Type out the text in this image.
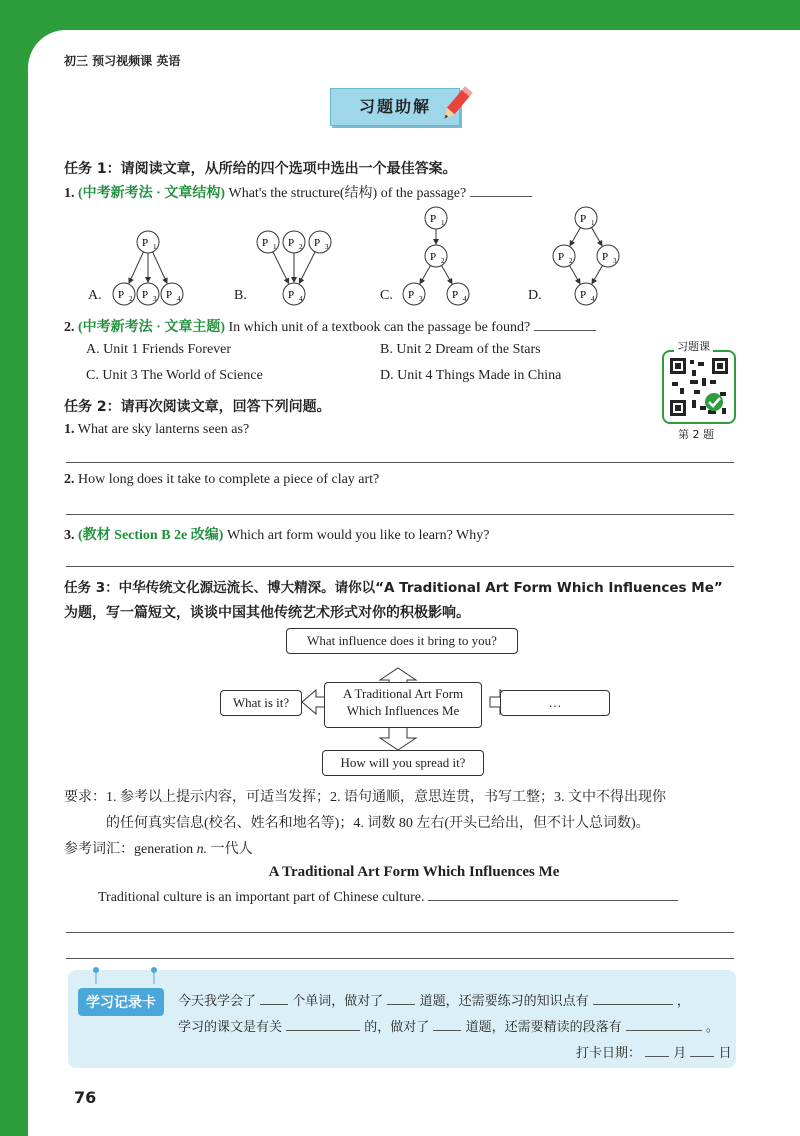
初三 预习视频课 英语
习题助解
任务 1：请阅读文章，从所给的四个选项中选出一个最佳答案。
1. (中考新考法 · 文章结构) What's the structure(结构) of the passage?
P 1
P 2 P 3 P 4
P 1 P 2 P 3
P 4
P 1
P 2
P 3	P 4
P 1
P 2	P 3
P 4
A.	B.	C.	D.
2. (中考新考法 · 文章主题) In which unit of a textbook can the passage be found?
A. Unit 1 Friends Forever	B. Unit 2 Dream of the Stars
C. Unit 3 The World of Science	D. Unit 4 Things Made in China
习题课
第 2 题
任务 2：请再次阅读文章，回答下列问题。
1. What are sky lanterns seen as?
2. How long does it take to complete a piece of clay art?
3. (教材 Section B 2e 改编) Which art form would you like to learn? Why?
任务 3：中华传统文化源远流长、博大精深。请你以“A Traditional Art Form Which Influences Me”
为题，写一篇短文，谈谈中国其他传统艺术形式对你的积极影响。
What influence does it bring to you?
What is it?
A Traditional Art Form
Which Influences Me
…
How will you spread it?
要求：1. 参考以上提示内容，可适当发挥；2. 语句通顺，意思连贯，书写工整；3. 文中不得出现你
的任何真实信息(校名、姓名和地名等)；4. 词数 80 左右(开头已给出，但不计人总词数)。
参考词汇：generation n. 一代人
A Traditional Art Form Which Influences Me
Traditional culture is an important part of Chinese culture.
学习记录卡	今天我学会了	个单词，做对了	道题，还需要练习的知识点有	，
学习的课文是有关	的，做对了	道题，还需要精读的段落有	。
打卡日期： 月 日
76
